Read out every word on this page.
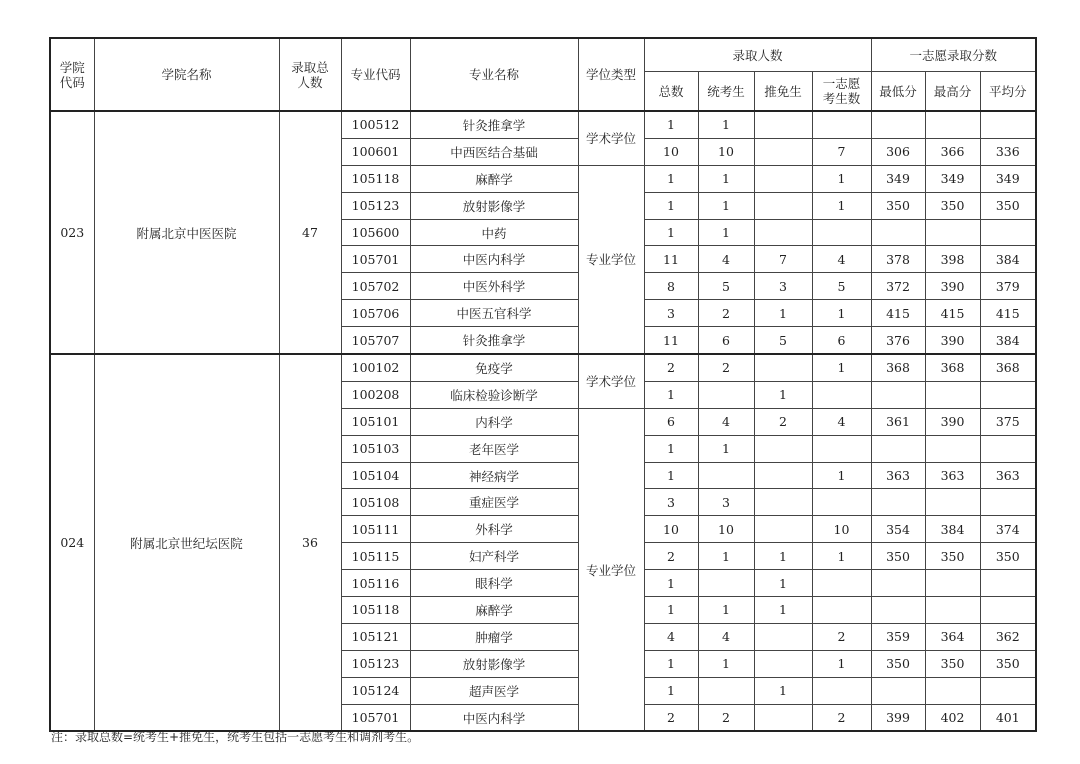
学院代码	学院名称	录取总人数	专业代码	专业名称	学位类型	录取人数				一志愿录取分数		
						总数	统考生	推免生	一志愿考生数	最低分	最高分	平均分
023	附属北京中医医院	47	100512	针灸推拿学	学术学位	1	1					
			100601	中西医结合基础		10	10		7	306	366	336
			105118	麻醉学	专业学位	1	1		1	349	349	349
			105123	放射影像学		1	1		1	350	350	350
			105600	中药		1	1					
			105701	中医内科学		11	4	7	4	378	398	384
			105702	中医外科学		8	5	3	5	372	390	379
			105706	中医五官科学		3	2	1	1	415	415	415
			105707	针灸推拿学		11	6	5	6	376	390	384
024	附属北京世纪坛医院	36	100102	免疫学	学术学位	2	2		1	368	368	368
			100208	临床检验诊断学		1		1				
			105101	内科学	专业学位	6	4	2	4	361	390	375
			105103	老年医学		1	1					
			105104	神经病学		1			1	363	363	363
			105108	重症医学		3	3					
			105111	外科学		10	10		10	354	384	374
			105115	妇产科学		2	1	1	1	350	350	350
			105116	眼科学		1		1				
			105118	麻醉学		1	1	1				
			105121	肿瘤学		4	4		2	359	364	362
			105123	放射影像学		1	1		1	350	350	350
			105124	超声医学		1		1				
			105701	中医内科学		2	2		2	399	402	401
注：录取总数=统考生+推免生，统考生包括一志愿考生和调剂考生。
